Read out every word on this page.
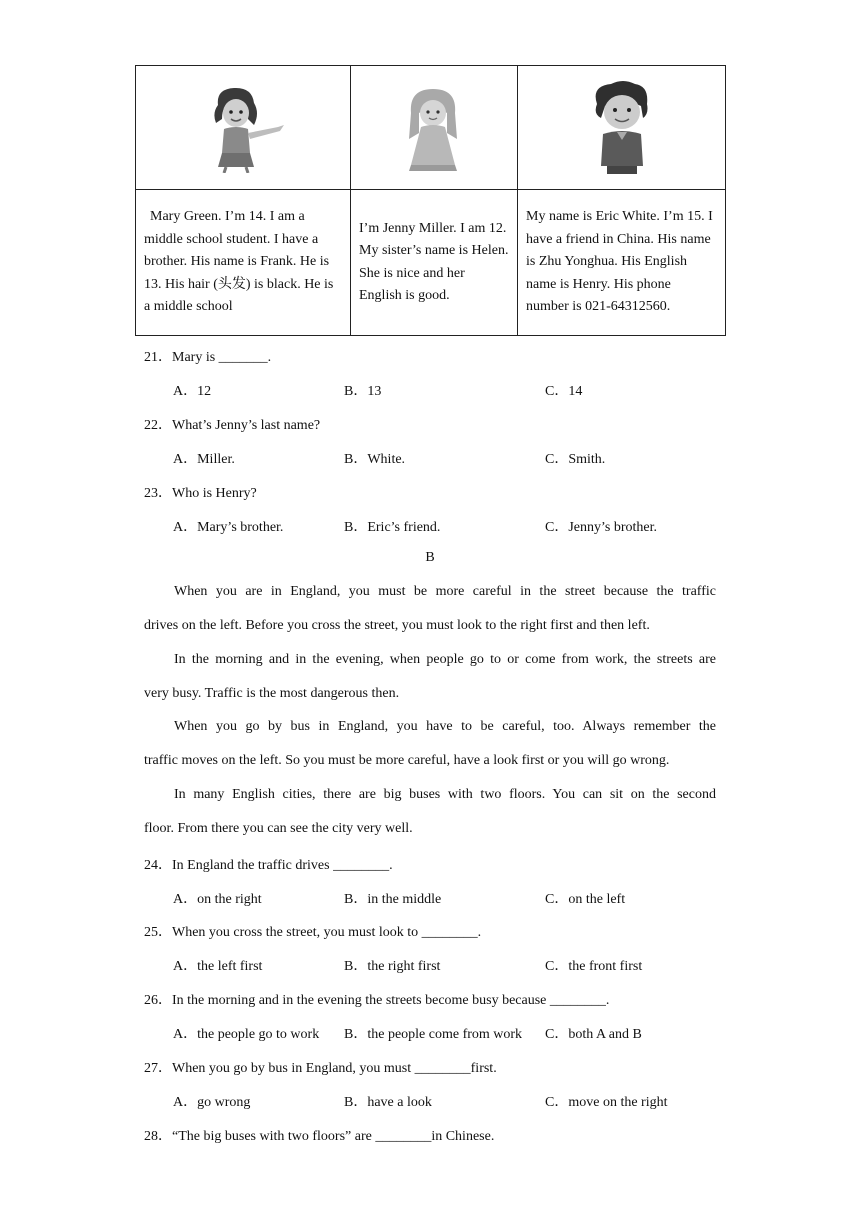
Mary Green. I’m 14. I am a middle school student. I have a brother. His name is Frank. He is 13. His hair (头发) is black. He is a middle school	I’m Jenny Miller. I am 12. My sister’s name is Helen. She is nice and her English is good.	My name is Eric White. I’m 15. I have a friend in China. His name is Zhu Yonghua. His English name is Henry. His phone number is 021-64312560.
21．Mary is _______.
A．12	B．13	C．14
22．What’s Jenny’s last name?
A．Miller.	B．White.	C．Smith.
23．Who is Henry?
A．Mary’s brother.	B．Eric’s friend.	C．Jenny’s brother.
B
When you are in England, you must be more careful in the street because the traffic
drives on the left. Before you cross the street, you must look to the right first and then left.
In the morning and in the evening, when people go to or come from work, the streets are
very busy. Traffic is the most dangerous then.
When you go by bus in England, you have to be careful, too. Always remember the
traffic moves on the left. So you must be more careful, have a look first or you will go wrong.
In many English cities, there are big buses with two floors. You can sit on the second
floor. From there you can see the city very well.
24．In England the traffic drives ________.
A．on the right	B．in the middle	C．on the left
25．When you cross the street, you must look to ________.
A．the left first	B．the right first	C．the front first
26．In the morning and in the evening the streets become busy because ________.
A．the people go to work B．the people come from work C．both A and B
27．When you go by bus in England, you must ________first.
A．go wrong	B．have a look	C．move on the right
28．“The big buses with two floors” are ________in Chinese.
